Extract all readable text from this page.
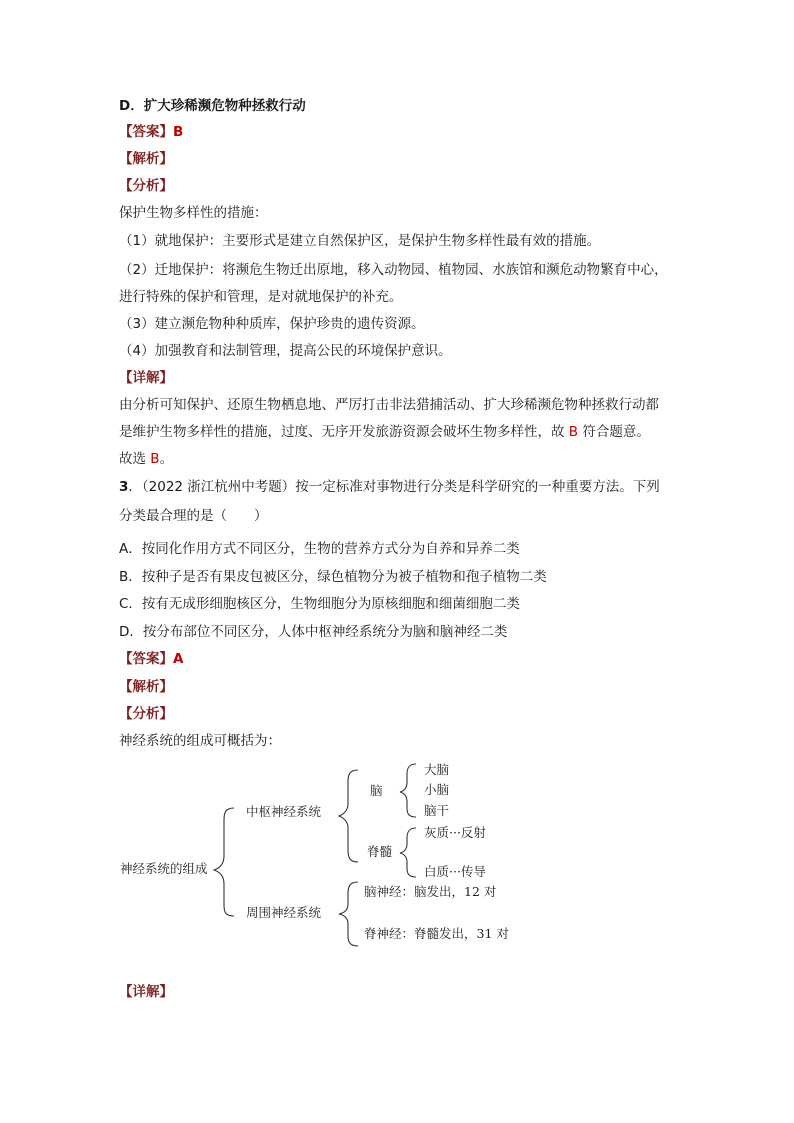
D．扩大珍稀濒危物种拯救行动
【答案】B
【解析】
【分析】
保护生物多样性的措施：
（1）就地保护：主要形式是建立自然保护区，是保护生物多样性最有效的措施。
（2）迁地保护：将濒危生物迁出原地，移入动物园、植物园、水族馆和濒危动物繁育中心，
进行特殊的保护和管理，是对就地保护的补充。
（3）建立濒危物种种质库，保护珍贵的遗传资源。
（4）加强教育和法制管理，提高公民的环境保护意识。
【详解】
由分析可知保护、还原生物栖息地、严厉打击非法猎捕活动、扩大珍稀濒危物种拯救行动都
是维护生物多样性的措施，过度、无序开发旅游资源会破坏生物多样性，故 B 符合题意。
故选 B。
3．（2022 浙江杭州中考题）按一定标准对事物进行分类是科学研究的一种重要方法。下列
分类最合理的是（　　）
A．按同化作用方式不同区分，生物的营养方式分为自养和异养二类
B．按种子是否有果皮包被区分，绿色植物分为被子植物和孢子植物二类
C．按有无成形细胞核区分，生物细胞分为原核细胞和细菌细胞二类
D．按分布部位不同区分，人体中枢神经系统分为脑和脑神经二类
【答案】A
【解析】
【分析】
神经系统的组成可概括为：
神经系统的组成
中枢神经系统
周围神经系统
脑
大脑
小脑
脑干
脊髓
灰质···反射
白质···传导
脑神经：脑发出，12 对
脊神经：脊髓发出，31 对
【详解】
